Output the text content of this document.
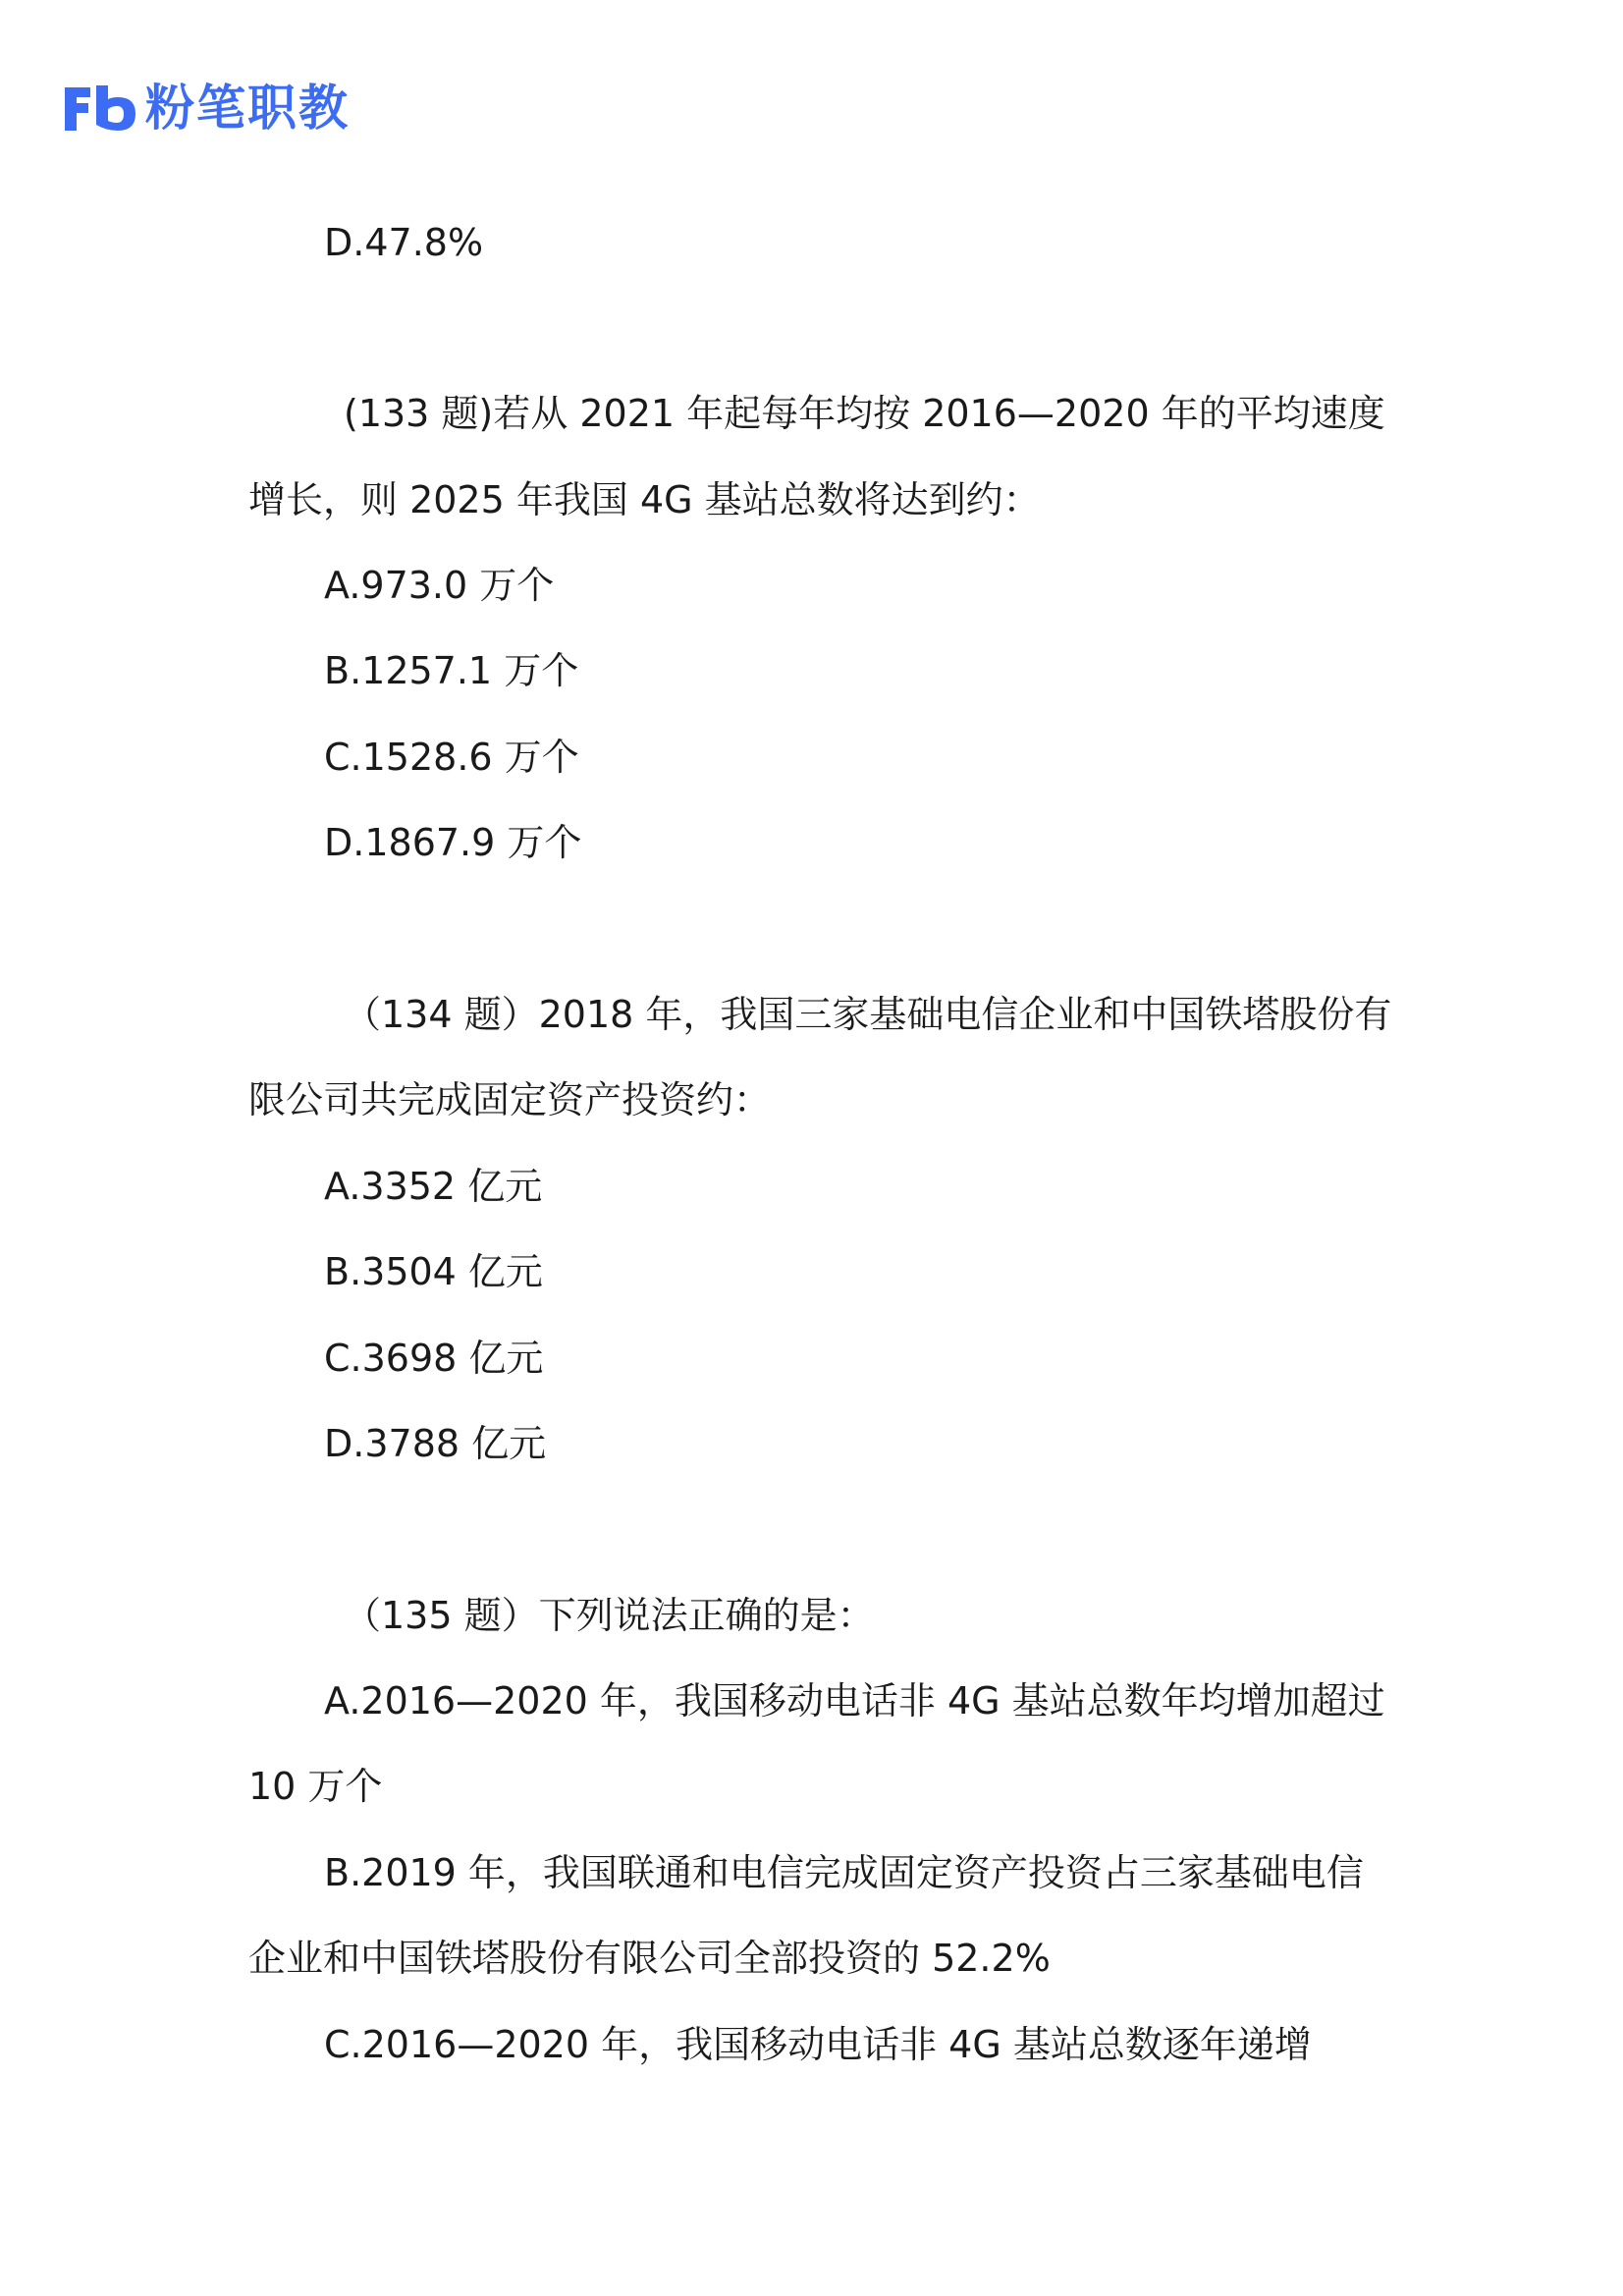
粉笔职教
D.47.8%
(133 题)若从 2021 年起每年均按 2016—2020 年的平均速度
增长，则 2025 年我国 4G 基站总数将达到约：
A.973.0 万个
B.1257.1 万个
C.1528.6 万个
D.1867.9 万个
（134 题）2018 年，我国三家基础电信企业和中国铁塔股份有
限公司共完成固定资产投资约：
A.3352 亿元
B.3504 亿元
C.3698 亿元
D.3788 亿元
（135 题）下列说法正确的是：
A.2016—2020 年，我国移动电话非 4G 基站总数年均增加超过
10 万个
B.2019 年，我国联通和电信完成固定资产投资占三家基础电信
企业和中国铁塔股份有限公司全部投资的 52.2%
C.2016—2020 年，我国移动电话非 4G 基站总数逐年递增
